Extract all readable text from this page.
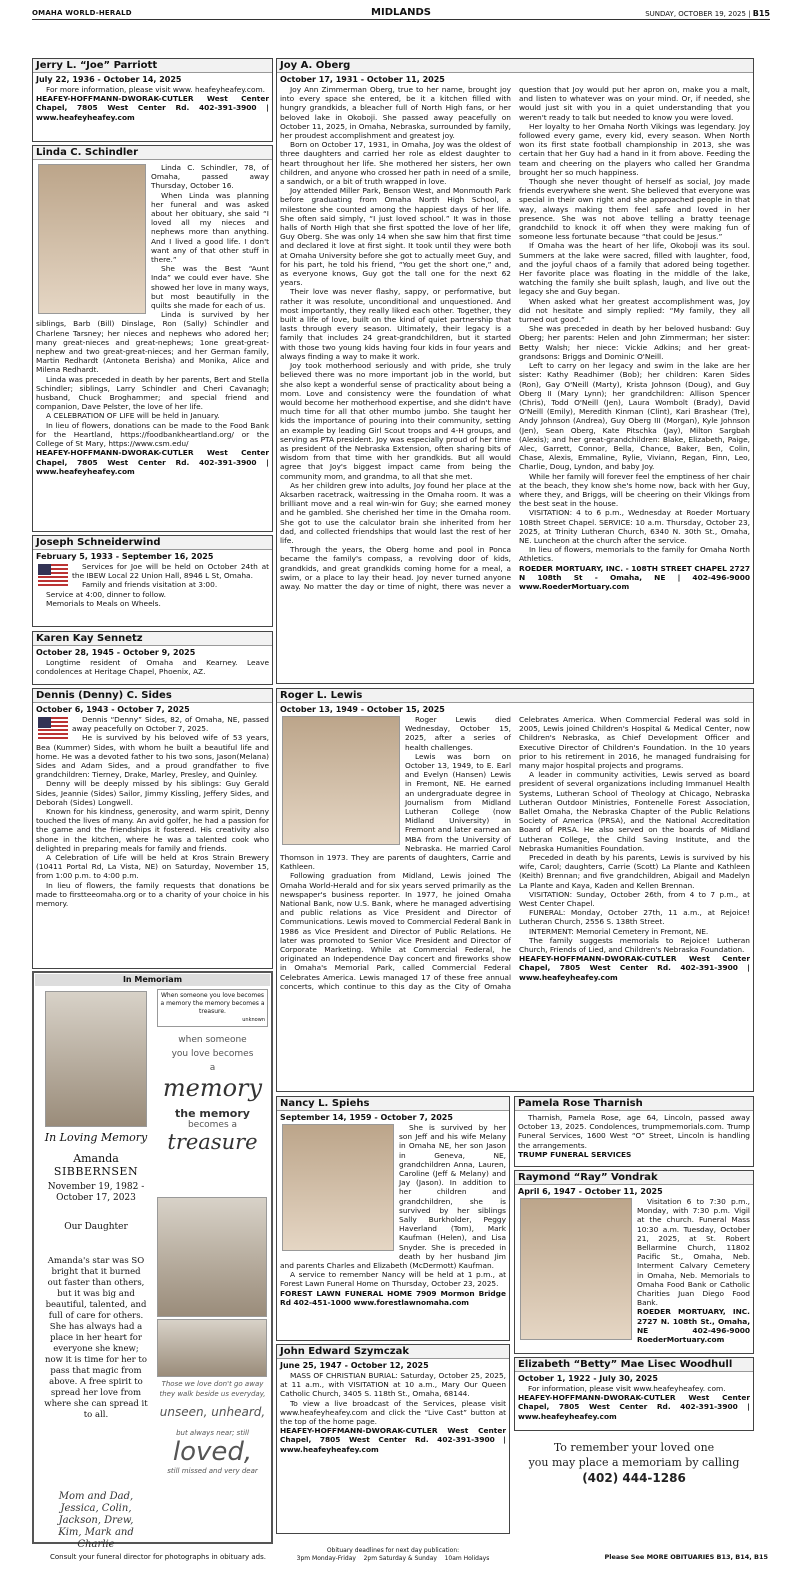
OMAHA WORLD-HERALD	MIDLANDS	SUNDAY, OCTOBER 19, 2025 | B15
Jerry L. “Joe” Parriott
July 22, 1936 - October 14, 2025

For more information, please visit www. heafeyheafey.com.

HEAFEY-HOFFMANN-DWORAK-CUTLER West Center Chapel, 7805 West Center Rd. 402-391-3900 | www.heafeyheafey.com
Linda C. Schindler

Linda C. Schindler, 78, of Omaha, passed away Thursday, October 16.

When Linda was planning her funeral and was asked about her obituary, she said “I loved all my nieces and nephews more than anything. And I lived a good life. I don't want any of that other stuff in there.”

She was the Best “Aunt Inda” we could ever have. She showed her love in many ways, but most beautifully in the quilts she made for each of us.

Linda is survived by her siblings, Barb (Bill) Dinslage, Ron (Sally) Schindler and Charlene Tarsney; her nieces and nephews who adored her; many great-nieces and great-nephews; 1one great-great-nephew and two great-great-nieces; and her German family, Martin Redhardt (Antoneta Berisha) and Monika, Alice and Milena Redhardt.

Linda was preceded in death by her parents, Bert and Stella Schindler; siblings, Larry Schindler and Cheri Cavanagh; husband, Chuck Broghammer; and special friend and companion, Dave Pelster, the love of her life.

A CELEBRATION OF LIFE will be held in January.

In lieu of flowers, donations can be made to the Food Bank for the Heartland, https://foodbankheartland.org/ or the College of St Mary, https://www.csm.edu/

HEAFEY-HOFFMANN-DWORAK-CUTLER West Center Chapel, 7805 West Center Rd. 402-391-3900 | www.heafeyheafey.com
Joseph Schneiderwind
February 5, 1933 - September 16, 2025

Services for Joe will be held on October 24th at the IBEW Local 22 Union Hall, 8946 L St, Omaha.

Family and friends visitation at 3:00.

Service at 4:00, dinner to follow.

Memorials to Meals on Wheels.

Karen Kay Sennetz
October 28, 1945 - October 9, 2025

Longtime resident of Omaha and Kearney. Leave condolences at Heritage Chapel, Phoenix, AZ.

Dennis (Denny) C. Sides
October 6, 1943 - October 7, 2025

Dennis “Denny” Sides, 82, of Omaha, NE, passed away peacefully on October 7, 2025.

He is survived by his beloved wife of 53 years, Bea (Kummer) Sides, with whom he built a beautiful life and home. He was a devoted father to his two sons, Jason(Melana) Sides and Adam Sides, and a proud grandfather to five grandchildren: Tierney, Drake, Marley, Presley, and Quinley.

Denny will be deeply missed by his siblings: Guy Gerald Sides, Jeannie (Sides) Sailor, Jimmy Kissling, Jeffery Sides, and Deborah (Sides) Longwell.

Known for his kindness, generosity, and warm spirit, Denny touched the lives of many. An avid golfer, he had a passion for the game and the friendships it fostered. His creativity also shone in the kitchen, where he was a talented cook who delighted in preparing meals for family and friends.

A Celebration of Life will be held at Kros Strain Brewery (10411 Portal Rd, La Vista, NE) on Saturday, November 15, from 1:00 p.m. to 4:00 p.m.

In lieu of flowers, the family requests that donations be made to firstteeomaha.org or to a charity of your choice in his memory.

In Memoriam
In Loving Memory
Amanda
SIBBERNSEN
November 19, 1982 - October 17, 2023
Our Daughter
Amanda's star was SO bright that it burned out faster than others, but it was big and beautiful, talented, and full of care for others. She has always had a place in her heart for everyone she knew; now it is time for her to pass that magic from above. A free spirit to spread her love from where she can spread it to all.
Mom and Dad, Jessica, Colin, Jackson, Drew, Kim, Mark and Charlie
When someone you love becomes a memory the memory becomes a treasure.
unknown
when someone you love becomes a
memory
the memory
becomes a
treasure
Those we love don't go away they walk beside us everyday,
unseen, unheard,
but always near; still
loved,
still missed and very dear
Joy A. Oberg
October 17, 1931 - October 11, 2025

Joy Ann Zimmerman Oberg, true to her name, brought joy into every space she entered, be it a kitchen filled with hungry grandkids, a bleacher full of North High fans, or her beloved lake in Okoboji. She passed away peacefully on October 11, 2025, in Omaha, Nebraska, surrounded by family, her proudest accomplishment and greatest joy.

Born on October 17, 1931, in Omaha, Joy was the oldest of three daughters and carried her role as eldest daughter to heart throughout her life. She mothered her sisters, her own children, and anyone who crossed her path in need of a smile, a sandwich, or a bit of truth wrapped in love.

Joy attended Miller Park, Benson West, and Monmouth Park before graduating from Omaha North High School, a milestone she counted among the happiest days of her life. She often said simply, “I just loved school.” It was in those halls of North High that she first spotted the love of her life, Guy Oberg. She was only 14 when she saw him that first time and declared it love at first sight. It took until they were both at Omaha University before she got to actually meet Guy, and for his part, he told his friend, “You get the short one,” and, as everyone knows, Guy got the tall one for the next 62 years.

Their love was never flashy, sappy, or performative, but rather it was resolute, unconditional and unquestioned. And most importantly, they really liked each other. Together, they built a life of love, built on the kind of quiet partnership that lasts through every season. Ultimately, their legacy is a family that includes 24 great-grandchildren, but it started with those two young kids having four kids in four years and always finding a way to make it work.

Joy took motherhood seriously and with pride, she truly believed there was no more important job in the world, but she also kept a wonderful sense of practicality about being a mom. Love and consistency were the foundation of what would become her motherhood expertise, and she didn't have much time for all that other mumbo jumbo. She taught her kids the importance of pouring into their community, setting an example by leading Girl Scout troops and 4-H groups, and serving as PTA president. Joy was especially proud of her time as president of the Nebraska Extension, often sharing bits of wisdom from that time with her grandkids. But all would agree that Joy's biggest impact came from being the community mom, and grandma, to all that she met.

As her children grew into adults, Joy found her place at the Aksarben racetrack, waitressing in the Omaha room. It was a brilliant move and a real win-win for Guy; she earned money and he gambled. She cherished her time in the Omaha room. She got to use the calculator brain she inherited from her dad, and collected friendships that would last the rest of her life.

Through the years, the Oberg home and pool in Ponca became the family's compass, a revolving door of kids, grandkids, and great grandkids coming home for a meal, a swim, or a place to lay their head. Joy never turned anyone away. No matter the day or time of night, there was never a question that Joy would put her apron on, make you a malt, and listen to whatever was on your mind. Or, if needed, she would just sit with you in a quiet understanding that you weren't ready to talk but needed to know you were loved.

Her loyalty to her Omaha North Vikings was legendary. Joy followed every game, every kid, every season. When North won its first state football championship in 2013, she was certain that her Guy had a hand in it from above. Feeding the team and cheering on the players who called her Grandma brought her so much happiness.

Though she never thought of herself as social, Joy made friends everywhere she went. She believed that everyone was special in their own right and she approached people in that way, always making them feel safe and loved in her presence. She was not above telling a bratty teenage grandchild to knock it off when they were making fun of someone less fortunate because “that could be Jesus.”

If Omaha was the heart of her life, Okoboji was its soul. Summers at the lake were sacred, filled with laughter, food, and the joyful chaos of a family that adored being together. Her favorite place was floating in the middle of the lake, watching the family she built splash, laugh, and live out the legacy she and Guy began.

When asked what her greatest accomplishment was, Joy did not hesitate and simply replied: “My family, they all turned out good.”

She was preceded in death by her beloved husband: Guy Oberg; her parents: Helen and John Zimmerman; her sister: Betty Walsh; her niece: Vickie Adkins; and her great-grandsons: Briggs and Dominic O'Neill.

Left to carry on her legacy and swim in the lake are her sister: Kathy Readhimer (Bob); her children: Karen Sides (Ron), Gay O'Neill (Marty), Krista Johnson (Doug), and Guy Oberg II (Mary Lynn); her grandchildren: Allison Spencer (Chris), Todd O'Neill (Jen), Laura Wombolt (Brady), David O'Neill (Emily), Meredith Kinman (Clint), Kari Brashear (Tre), Andy Johnson (Andrea), Guy Oberg III (Morgan), Kyle Johnson (Jen), Sean Oberg, Kate Pitschka (Jay), Milton Sargbah (Alexis); and her great-grandchildren: Blake, Elizabeth, Paige, Alec, Garrett, Connor, Bella, Chance, Baker, Ben, Colin, Chase, Alexis, Emmaline, Rylie, Viviann, Regan, Finn, Leo, Charlie, Doug, Lyndon, and baby Joy.

While her family will forever feel the emptiness of her chair at the beach, they know she's home now, back with her Guy, where they, and Briggs, will be cheering on their Vikings from the best seat in the house.

VISITATION: 4 to 6 p.m., Wednesday at Roeder Mortuary 108th Street Chapel. SERVICE: 10 a.m. Thursday, October 23, 2025, at Trinity Lutheran Church, 6340 N. 30th St., Omaha, NE. Luncheon at the church after the service.

In lieu of flowers, memorials to the family for Omaha North Athletics.

ROEDER MORTUARY, INC. - 108TH STREET CHAPEL 2727 N 108th St - Omaha, NE | 402-496-9000 www.RoederMortuary.com
Roger L. Lewis
October 13, 1949 - October 15, 2025

Roger Lewis died Wednesday, October 15, 2025, after a series of health challenges.

Lewis was born on October 13, 1949, to E. Earl and Evelyn (Hansen) Lewis in Fremont, NE. He earned an undergraduate degree in Journalism from Midland Lutheran College (now Midland University) in Fremont and later earned an MBA from the University of Nebraska. He married Carol Thomson in 1973. They are parents of daughters, Carrie and Kathleen.

Following graduation from Midland, Lewis joined The Omaha World-Herald and for six years served primarily as the newspaper's business reporter. In 1977, he joined Omaha National Bank, now U.S. Bank, where he managed advertising and public relations as Vice President and Director of Communications. Lewis moved to Commercial Federal Bank in 1986 as Vice President and Director of Public Relations. He later was promoted to Senior Vice President and Director of Corporate Marketing. While at Commercial Federal, he originated an Independence Day concert and fireworks show in Omaha's Memorial Park, called Commercial Federal Celebrates America. Lewis managed 17 of these free annual concerts, which continue to this day as the City of Omaha Celebrates America. When Commercial Federal was sold in 2005, Lewis joined Children's Hospital & Medical Center, now Children's Nebraska, as Chief Development Officer and Executive Director of Children's Foundation. In the 10 years prior to his retirement in 2016, he managed fundraising for many major hospital projects and programs.

A leader in community activities, Lewis served as board president of several organizations including Immanuel Health Systems, Lutheran School of Theology at Chicago, Nebraska Lutheran Outdoor Ministries, Fontenelle Forest Association, Ballet Omaha, the Nebraska Chapter of the Public Relations Society of America (PRSA), and the National Accreditation Board of PRSA. He also served on the boards of Midland Lutheran College, the Child Saving Institute, and the Nebraska Humanities Foundation.

Preceded in death by his parents, Lewis is survived by his wife, Carol; daughters, Carrie (Scott) La Plante and Kathleen (Keith) Brennan; and five grandchildren, Abigail and Madelyn La Plante and Kaya, Kaden and Kellen Brennan.

VISITATION: Sunday, October 26th, from 4 to 7 p.m., at West Center Chapel.

FUNERAL: Monday, October 27th, 11 a.m., at Rejoice! Lutheran Church, 2556 S. 138th Street.

INTERMENT: Memorial Cemetery in Fremont, NE.

The family suggests memorials to Rejoice! Lutheran Church, Friends of Lied, and Children's Nebraska Foundation.

HEAFEY-HOFFMANN-DWORAK-CUTLER West Center Chapel, 7805 West Center Rd. 402-391-3900 | www.heafeyheafey.com
Nancy L. Spiehs
September 14, 1959 - October 7, 2025

She is survived by her son Jeff and his wife Melany in Omaha NE, her son Jason in Geneva, NE, grandchildren Anna, Lauren, Caroline (Jeff & Melany) and Jay (Jason). In addition to her children and grandchildren, she is survived by her siblings Sally Burkholder, Peggy Haverland (Tom), Mark Kaufman (Helen), and Lisa Snyder. She is preceded in death by her husband Jim and parents Charles and Elizabeth (McDermott) Kaufman.

A service to remember Nancy will be held at 1 p.m., at Forest Lawn Funeral Home on Thursday, October 23, 2025.

FOREST LAWN FUNERAL HOME 7909 Mormon Bridge Rd 402-451-1000 www.forestlawnomaha.com
John Edward Szymczak
June 25, 1947 - October 12, 2025

MASS OF CHRISTIAN BURIAL: Saturday, October 25, 2025, at 11 a.m., with VISITATION at 10 a.m., Mary Our Queen Catholic Church, 3405 S. 118th St., Omaha, 68144.

To view a live broadcast of the Services, please visit www.heafeyheafey.com and click the “Live Cast” button at the top of the home page.

HEAFEY-HOFFMANN-DWORAK-CUTLER West Center Chapel, 7805 West Center Rd. 402-391-3900 | www.heafeyheafey.com
Pamela Rose Tharnish

Tharnish, Pamela Rose, age 64, Lincoln, passed away October 13, 2025. Condolences, trumpmemorials.com. Trump Funeral Services, 1600 West “O” Street, Lincoln is handling the arrangements.

TRUMP FUNERAL SERVICES
Raymond “Ray” Vondrak
April 6, 1947 - October 11, 2025

Visitation 6 to 7:30 p.m., Monday, with 7:30 p.m. Vigil at the church. Funeral Mass 10:30 a.m. Tuesday, October 21, 2025, at St. Robert Bellarmine Church, 11802 Pacific St., Omaha, Neb. Interment Calvary Cemetery in Omaha, Neb. Memorials to Omaha Food Bank or Catholic Charities Juan Diego Food Bank.

ROEDER MORTUARY, INC. 2727 N. 108th St., Omaha, NE 402-496-9000 RoederMortuary.com
Elizabeth “Betty” Mae Lisec Woodhull
October 1, 1922 - July 30, 2025

For information, please visit www.heafeyheafey. com.

HEAFEY-HOFFMANN-DWORAK-CUTLER West Center Chapel, 7805 West Center Rd. 402-391-3900 | www.heafeyheafey.com
To remember your loved one
you may place a memoriam by calling
(402) 444-1286
Consult your funeral director for photographs in obituary ads.
Obituary deadlines for next day publication:
3pm Monday-Friday 2pm Saturday & Sunday 10am Holidays	Please See MORE OBITUARIES B13, B14, B15
